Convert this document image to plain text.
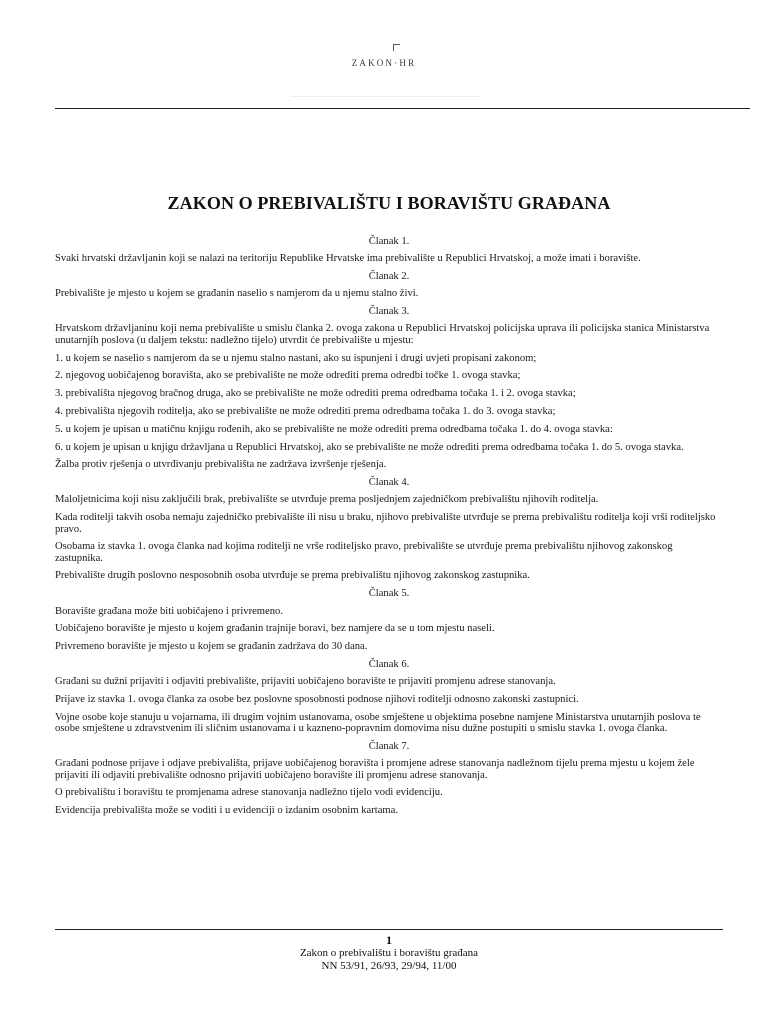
ZAKON·HR
ZAKON O PREBIVALIŠTU I BORAVIŠTU GRAĐANA
Članak 1.
Svaki hrvatski državljanin koji se nalazi na teritoriju Republike Hrvatske ima prebivalište u Republici Hrvatskoj, a može imati i boravište.
Članak 2.
Prebivalište je mjesto u kojem se građanin naselio s namjerom da u njemu stalno živi.
Članak 3.
Hrvatskom državljaninu koji nema prebivalište u smislu članka 2. ovoga zakona u Republici Hrvatskoj policijska uprava ili policijska stanica Ministarstva unutarnjih poslova (u daljem tekstu: nadležno tijelo) utvrdit će prebivalište u mjestu:
1. u kojem se naselio s namjerom da se u njemu stalno nastani, ako su ispunjeni i drugi uvjeti propisani zakonom;
2. njegovog uobičajenog boravišta, ako se prebivalište ne može odrediti prema odredbi točke 1. ovoga stavka;
3. prebivališta njegovog bračnog druga, ako se prebivalište ne može odrediti prema odredbama točaka 1. i 2. ovoga stavka;
4. prebivališta njegovih roditelja, ako se prebivalište ne može odrediti prema odredbama točaka 1. do 3. ovoga stavka;
5. u kojem je upisan u matičnu knjigu rođenih, ako se prebivalište ne može odrediti prema odredbama točaka 1. do 4. ovoga stavka:
6. u kojem je upisan u knjigu državljana u Republici Hrvatskoj, ako se prebivalište ne može odrediti prema odredbama točaka 1. do 5. ovoga stavka.
Žalba protiv rješenja o utvrđivanju prebivališta ne zadržava izvršenje rješenja.
Članak 4.
Maloljetnicima koji nisu zaključili brak, prebivalište se utvrđuje prema posljednjem zajedničkom prebivalištu njihovih roditelja.
Kada roditelji takvih osoba nemaju zajedničko prebivalište ili nisu u braku, njihovo prebivalište utvrđuje se prema prebivalištu roditelja koji vrši roditeljsko pravo.
Osobama iz stavka 1. ovoga članka nad kojima roditelji ne vrše roditeljsko pravo, prebivalište se utvrđuje prema prebivalištu njihovog zakonskog zastupnika.
Prebivalište drugih poslovno nesposobnih osoba utvrđuje se prema prebivalištu njihovog zakonskog zastupnika.
Članak 5.
Boravište građana može biti uobičajeno i privremeno.
Uobičajeno boravište je mjesto u kojem građanin trajnije boravi, bez namjere da se u tom mjestu naseli.
Privremeno boravište je mjesto u kojem se građanin zadržava do 30 dana.
Članak 6.
Građani su dužni prijaviti i odjaviti prebivalište, prijaviti uobičajeno boravište te prijaviti promjenu adrese stanovanja.
Prijave iz stavka 1. ovoga članka za osobe bez poslovne sposobnosti podnose njihovi roditelji odnosno zakonski zastupnici.
Vojne osobe koje stanuju u vojarnama, ili drugim vojnim ustanovama, osobe smještene u objektima posebne namjene Ministarstva unutarnjih poslova te osobe smještene u zdravstvenim ili sličnim ustanovama i u kazneno-popravnim domovima nisu dužne postupiti u smislu stavka 1. ovoga članka.
Članak 7.
Građani podnose prijave i odjave prebivališta, prijave uobičajenog boravišta i promjene adrese stanovanja nadležnom tijelu prema mjestu u kojem žele prijaviti ili odjaviti prebivalište odnosno prijaviti uobičajeno boravište ili promjenu adrese stanovanja.
O prebivalištu i boravištu te promjenama adrese stanovanja nadležno tijelo vodi evidenciju.
Evidencija prebivališta može se voditi i u evidenciji o izdanim osobnim kartama.
1
Zakon o prebivalištu i boravištu građana
NN 53/91, 26/93, 29/94, 11/00
